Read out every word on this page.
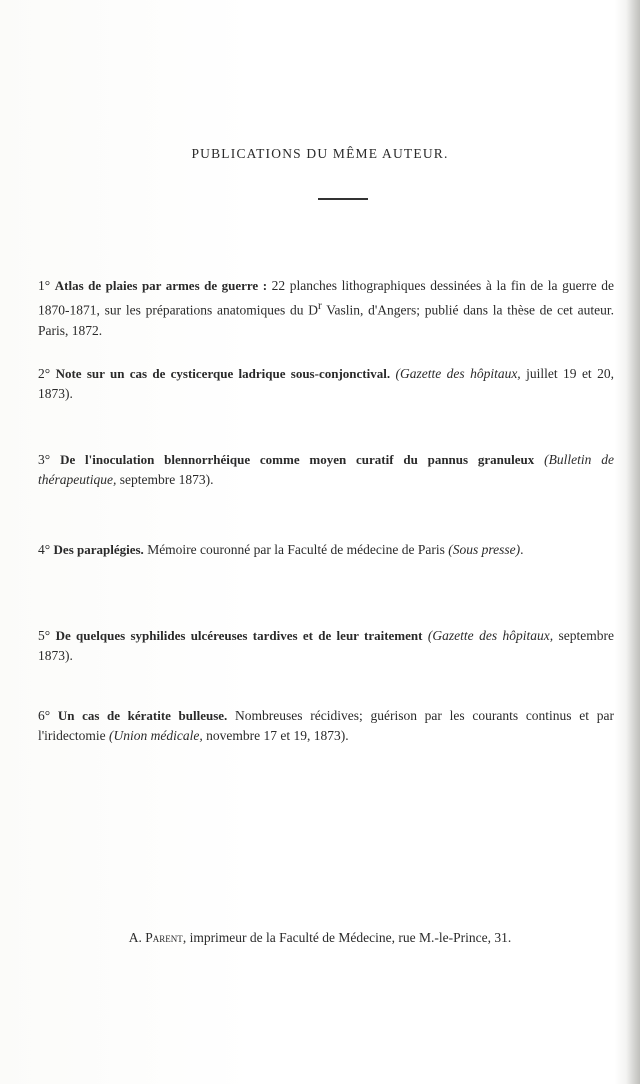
PUBLICATIONS DU MÊME AUTEUR.
1° Atlas de plaies par armes de guerre : 22 planches lithographiques dessinées à la fin de la guerre de 1870-1871, sur les préparations anatomiques du $D^r$ Vaslin, d'Angers; publié dans la thèse de cet auteur. Paris, 1872.
2° Note sur un cas de cysticerque ladrique sous-conjonctival. (Gazette des hôpitaux, juillet 19 et 20, 1873).
3° De l'inoculation blennorrhéique comme moyen curatif du pannus granuleux (Bulletin de thérapeutique, septembre 1873).
4° Des paraplégies. Mémoire couronné par la Faculté de médecine de Paris (Sous presse).
5° De quelques syphilides ulcéreuses tardives et de leur traitement (Gazette des hôpitaux, septembre 1873).
6° Un cas de kératite bulleuse. Nombreuses récidives; guérison par les courants continus et par l'iridectomie (Union médicale, novembre 17 et 19, 1873).
A. Parent, imprimeur de la Faculté de Médecine, rue M.-le-Prince, 31.
